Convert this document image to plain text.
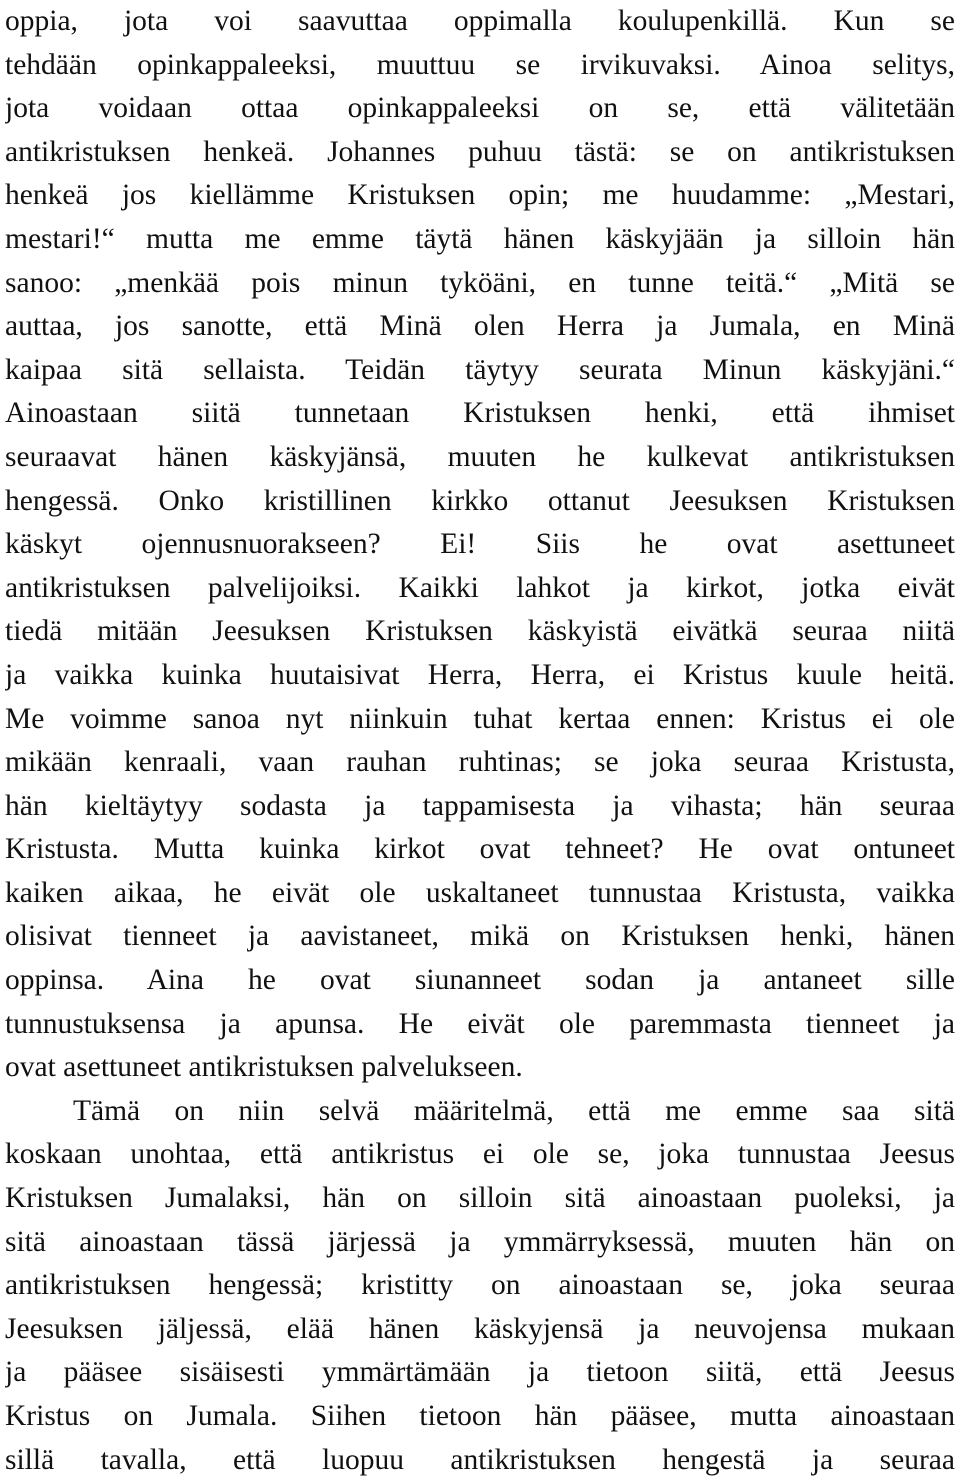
oppia, jota voi saavuttaa oppimalla koulupenkillä. Kun se
tehdään opinkappaleeksi, muuttuu se irvikuvaksi. Ainoa selitys,
jota voidaan ottaa opinkappaleeksi on se, että välitetään
antikristuksen henkeä. Johannes puhuu tästä: se on antikristuksen
henkeä jos kiellämme Kristuksen opin; me huudamme: „Mestari,
mestari!“ mutta me emme täytä hänen käskyjään ja silloin hän
sanoo: „menkää pois minun tyköäni, en tunne teitä.“ „Mitä se
auttaa, jos sanotte, että Minä olen Herra ja Jumala, en Minä
kaipaa sitä sellaista. Teidän täytyy seurata Minun käskyjäni.“
Ainoastaan siitä tunnetaan Kristuksen henki, että ihmiset
seuraavat hänen käskyjänsä, muuten he kulkevat antikristuksen
hengessä. Onko kristillinen kirkko ottanut Jeesuksen Kristuksen
käskyt ojennusnuorakseen? Ei! Siis he ovat asettuneet
antikristuksen palvelijoiksi. Kaikki lahkot ja kirkot, jotka eivät
tiedä mitään Jeesuksen Kristuksen käskyistä eivätkä seuraa niitä
ja vaikka kuinka huutaisivat Herra, Herra, ei Kristus kuule heitä.
Me voimme sanoa nyt niinkuin tuhat kertaa ennen: Kristus ei ole
mikään kenraali, vaan rauhan ruhtinas; se joka seuraa Kristusta,
hän kieltäytyy sodasta ja tappamisesta ja vihasta; hän seuraa
Kristusta. Mutta kuinka kirkot ovat tehneet? He ovat ontuneet
kaiken aikaa, he eivät ole uskaltaneet tunnustaa Kristusta, vaikka
olisivat tienneet ja aavistaneet, mikä on Kristuksen henki, hänen
oppinsa. Aina he ovat siunanneet sodan ja antaneet sille
tunnustuksensa ja apunsa. He eivät ole paremmasta tienneet ja
ovat asettuneet antikristuksen palvelukseen.
Tämä on niin selvä määritelmä, että me emme saa sitä
koskaan unohtaa, että antikristus ei ole se, joka tunnustaa Jeesus
Kristuksen Jumalaksi, hän on silloin sitä ainoastaan puoleksi, ja
sitä ainoastaan tässä järjessä ja ymmärryksessä, muuten hän on
antikristuksen hengessä; kristitty on ainoastaan se, joka seuraa
Jeesuksen jäljessä, elää hänen käskyjensä ja neuvojensa mukaan
ja pääsee sisäisesti ymmärtämään ja tietoon siitä, että Jeesus
Kristus on Jumala. Siihen tietoon hän pääsee, mutta ainoastaan
sillä tavalla, että luopuu antikristuksen hengestä ja seuraa
